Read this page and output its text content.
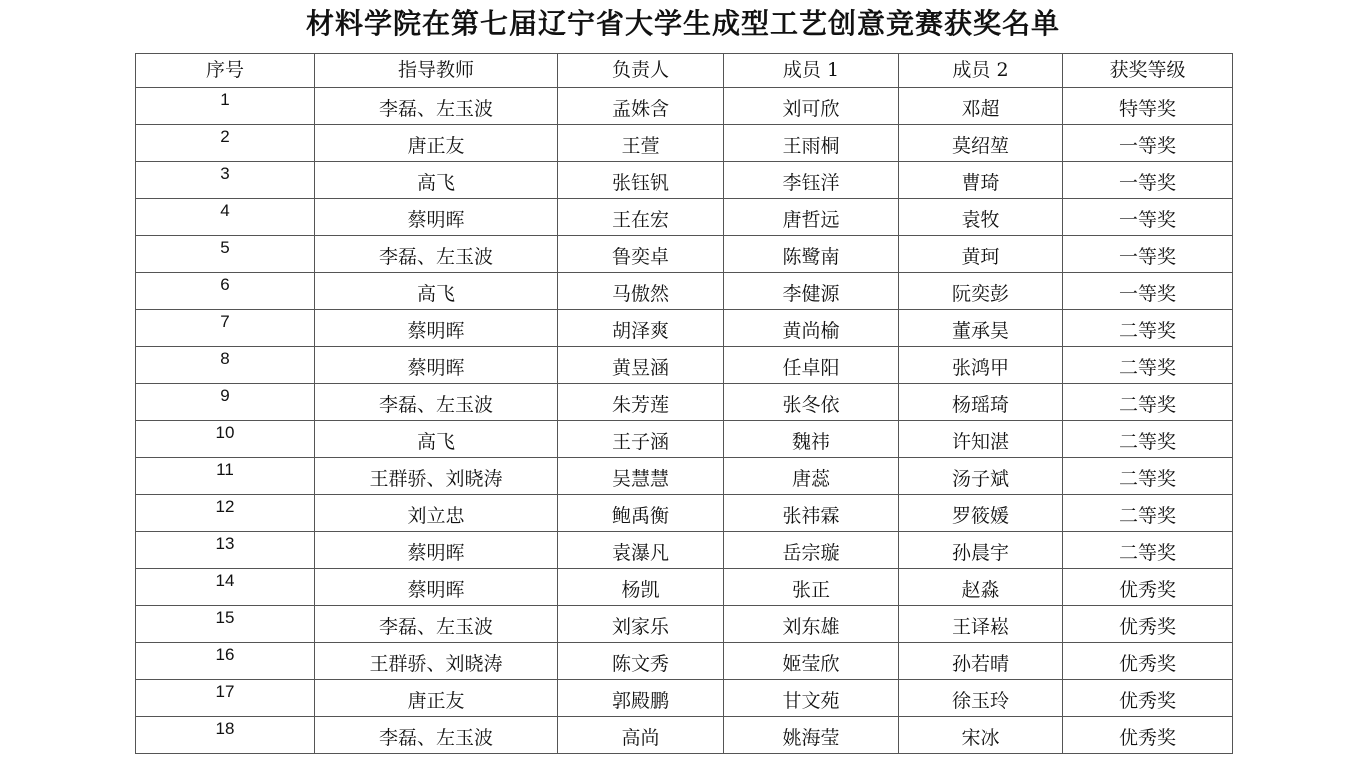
材料学院在第七届辽宁省大学生成型工艺创意竞赛获奖名单
序号	指导教师	负责人	成员 1	成员 2	获奖等级

1	李磊、左玉波	孟姝含	刘可欣	邓超	特等奖

2	唐正友	王萱	王雨桐	莫绍堃	一等奖

3	高飞	张钰钒	李钰洋	曹琦	一等奖

4	蔡明晖	王在宏	唐哲远	袁牧	一等奖

5	李磊、左玉波	鲁奕卓	陈鹭南	黄珂	一等奖

6	高飞	马傲然	李健源	阮奕彭	一等奖

7	蔡明晖	胡泽爽	黄尚榆	董承昊	二等奖

8	蔡明晖	黄昱涵	任卓阳	张鸿甲	二等奖

9	李磊、左玉波	朱芳莲	张冬依	杨瑶琦	二等奖

10	高飞	王子涵	魏祎	许知湛	二等奖

11	王群骄、刘晓涛	吴慧慧	唐蕊	汤子斌	二等奖

12	刘立忠	鲍禹衡	张祎霖	罗筱媛	二等奖

13	蔡明晖	袁瀑凡	岳宗璇	孙晨宇	二等奖

14	蔡明晖	杨凯	张正	赵淼	优秀奖

15	李磊、左玉波	刘家乐	刘东雄	王译崧	优秀奖

16	王群骄、刘晓涛	陈文秀	姬莹欣	孙若晴	优秀奖

17	唐正友	郭殿鹏	甘文苑	徐玉玲	优秀奖

18	李磊、左玉波	高尚	姚海莹	宋冰	优秀奖
